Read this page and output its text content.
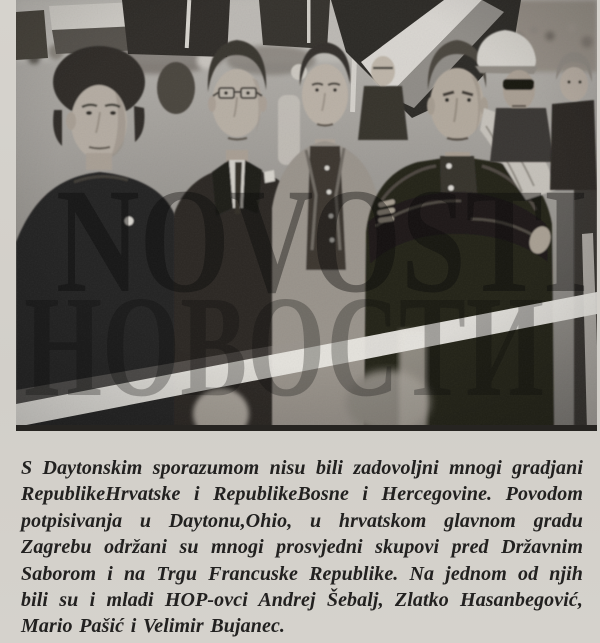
S Daytonskim sporazumom nisu bili zadovoljni mnogi gradjani
RepublikeHrvatske i RepublikeBosne i Hercegovine. Povodom
potpisivanja u Daytonu,Ohio, u hrvatskom glavnom gradu
Zagrebu održani su mnogi prosvjedni skupovi pred Državnim
Saborom i na Trgu Francuske Republike. Na jednom od njih
bili su i mladi HOP-ovci Andrej Šebalj, Zlatko Hasanbegović,
Mario Pašić i Velimir Bujanec.
